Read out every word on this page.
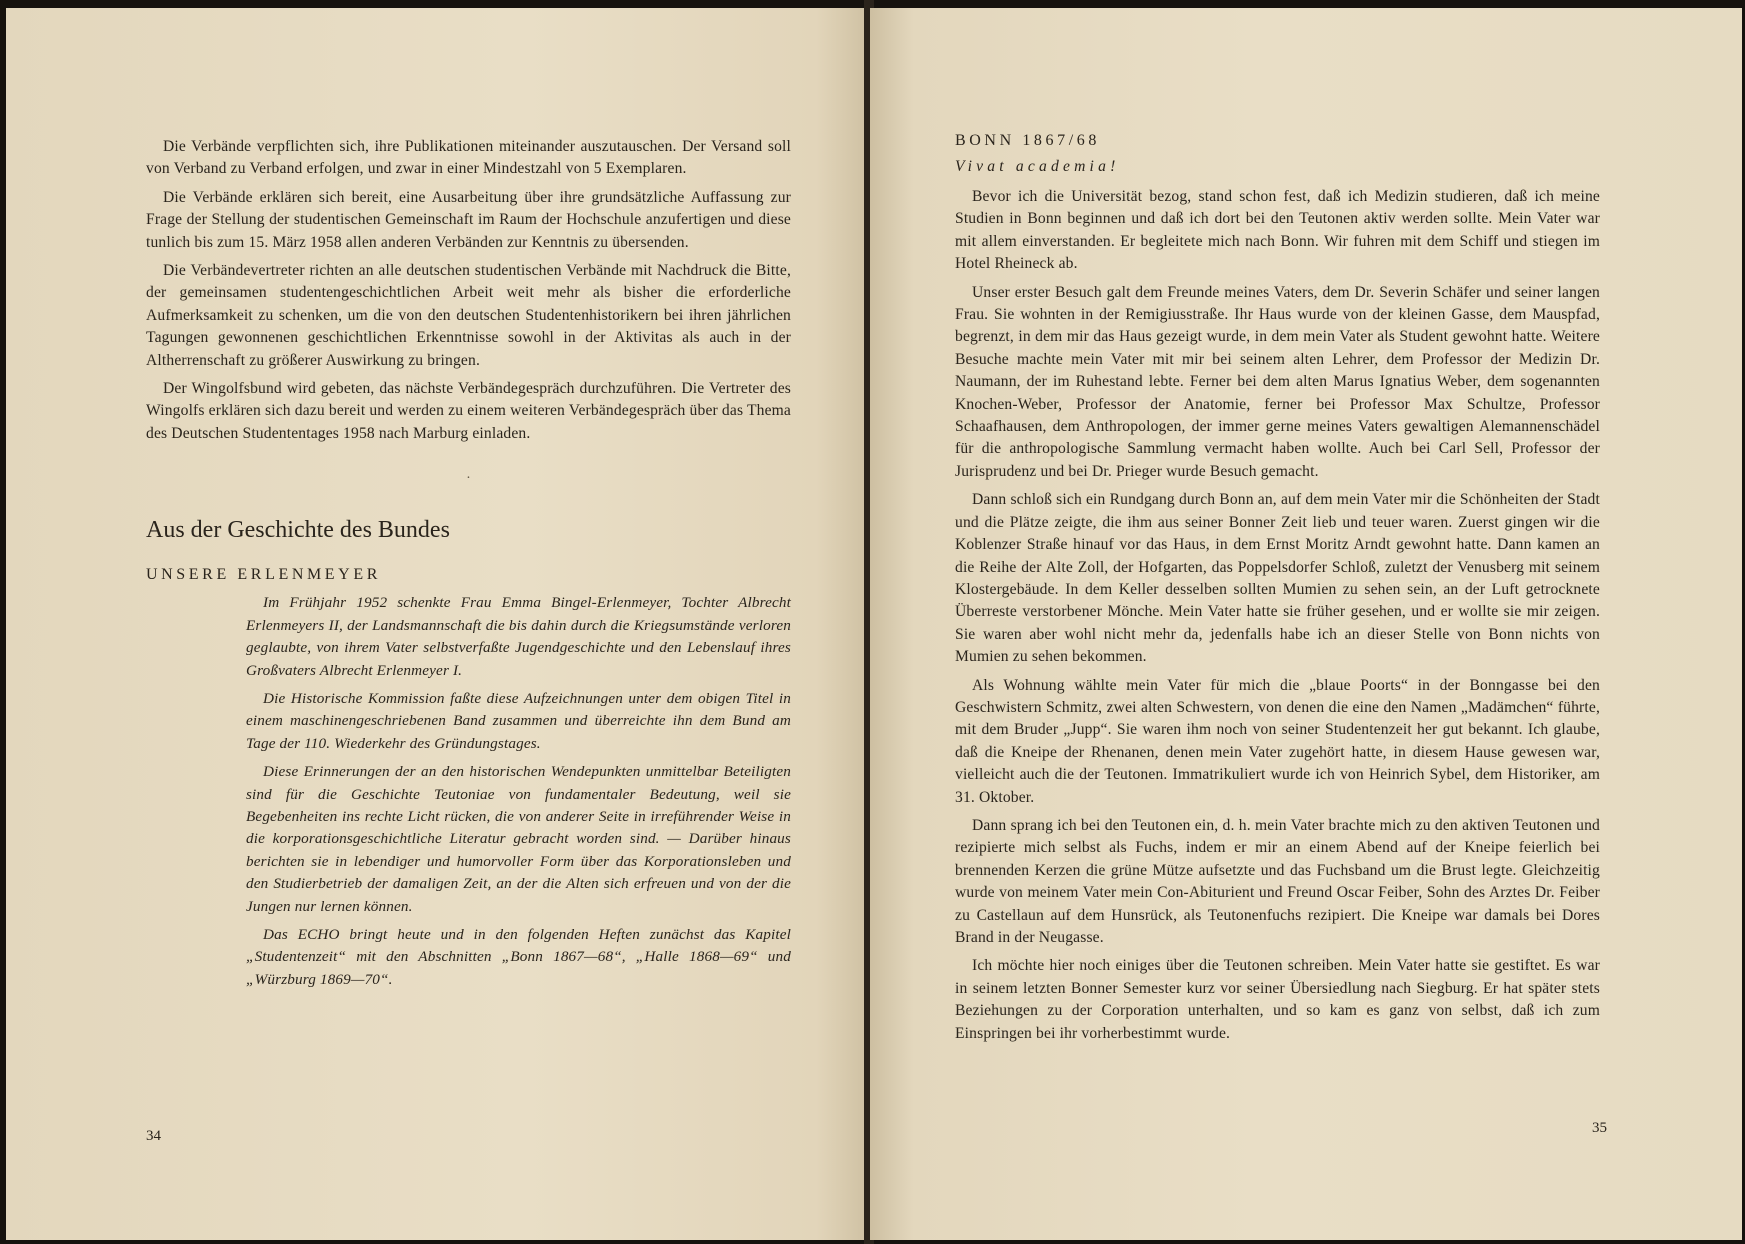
Die Verbände verpflichten sich, ihre Publikationen miteinander auszutauschen. Der Versand soll von Verband zu Verband erfolgen, und zwar in einer Mindestzahl von 5 Exemplaren.

Die Verbände erklären sich bereit, eine Ausarbeitung über ihre grundsätzliche Auffassung zur Frage der Stellung der studentischen Gemeinschaft im Raum der Hochschule anzufertigen und diese tunlich bis zum 15. März 1958 allen anderen Verbänden zur Kenntnis zu übersenden.

Die Verbändevertreter richten an alle deutschen studentischen Verbände mit Nachdruck die Bitte, der gemeinsamen studentengeschichtlichen Arbeit weit mehr als bisher die erforderliche Aufmerksamkeit zu schenken, um die von den deutschen Studentenhistorikern bei ihren jährlichen Tagungen gewonnenen geschichtlichen Erkenntnisse sowohl in der Aktivitas als auch in der Altherrenschaft zu größerer Auswirkung zu bringen.

Der Wingolfsbund wird gebeten, das nächste Verbändegespräch durchzuführen. Die Vertreter des Wingolfs erklären sich dazu bereit und werden zu einem weiteren Verbändegespräch über das Thema des Deutschen Studententages 1958 nach Marburg einladen.

·
Aus der Geschichte des Bundes
UNSERE ERLENMEYER

Im Frühjahr 1952 schenkte Frau Emma Bingel-Erlenmeyer, Tochter Albrecht Erlenmeyers II, der Landsmannschaft die bis dahin durch die Kriegsumstände verloren geglaubte, von ihrem Vater selbstverfaßte Jugendgeschichte und den Lebenslauf ihres Großvaters Albrecht Erlenmeyer I.

Die Historische Kommission faßte diese Aufzeichnungen unter dem obigen Titel in einem maschinengeschriebenen Band zusammen und überreichte ihn dem Bund am Tage der 110. Wiederkehr des Gründungstages.

Diese Erinnerungen der an den historischen Wendepunkten unmittelbar Beteiligten sind für die Geschichte Teutoniae von fundamentaler Bedeutung, weil sie Begebenheiten ins rechte Licht rücken, die von anderer Seite in irreführender Weise in die korporationsgeschichtliche Literatur gebracht worden sind. — Darüber hinaus berichten sie in lebendiger und humorvoller Form über das Korporationsleben und den Studierbetrieb der damaligen Zeit, an der die Alten sich erfreuen und von der die Jungen nur lernen können.

Das ECHO bringt heute und in den folgenden Heften zunächst das Kapitel „Studentenzeit“ mit den Abschnitten „Bonn 1867—68“, „Halle 1868—69“ und „Würzburg 1869—70“.

34
BONN 1867/68
Vivat academia!

Bevor ich die Universität bezog, stand schon fest, daß ich Medizin studieren, daß ich meine Studien in Bonn beginnen und daß ich dort bei den Teutonen aktiv werden sollte. Mein Vater war mit allem einverstanden. Er begleitete mich nach Bonn. Wir fuhren mit dem Schiff und stiegen im Hotel Rheineck ab.

Unser erster Besuch galt dem Freunde meines Vaters, dem Dr. Severin Schäfer und seiner langen Frau. Sie wohnten in der Remigiusstraße. Ihr Haus wurde von der kleinen Gasse, dem Mauspfad, begrenzt, in dem mir das Haus gezeigt wurde, in dem mein Vater als Student gewohnt hatte. Weitere Besuche machte mein Vater mit mir bei seinem alten Lehrer, dem Professor der Medizin Dr. Naumann, der im Ruhestand lebte. Ferner bei dem alten Marus Ignatius Weber, dem sogenannten Knochen-Weber, Professor der Anatomie, ferner bei Professor Max Schultze, Professor Schaafhausen, dem Anthropologen, der immer gerne meines Vaters gewaltigen Alemannenschädel für die anthropologische Sammlung vermacht haben wollte. Auch bei Carl Sell, Professor der Jurisprudenz und bei Dr. Prieger wurde Besuch gemacht.

Dann schloß sich ein Rundgang durch Bonn an, auf dem mein Vater mir die Schönheiten der Stadt und die Plätze zeigte, die ihm aus seiner Bonner Zeit lieb und teuer waren. Zuerst gingen wir die Koblenzer Straße hinauf vor das Haus, in dem Ernst Moritz Arndt gewohnt hatte. Dann kamen an die Reihe der Alte Zoll, der Hofgarten, das Poppelsdorfer Schloß, zuletzt der Venusberg mit seinem Klostergebäude. In dem Keller desselben sollten Mumien zu sehen sein, an der Luft getrocknete Überreste verstorbener Mönche. Mein Vater hatte sie früher gesehen, und er wollte sie mir zeigen. Sie waren aber wohl nicht mehr da, jedenfalls habe ich an dieser Stelle von Bonn nichts von Mumien zu sehen bekommen.

Als Wohnung wählte mein Vater für mich die „blaue Poorts“ in der Bonngasse bei den Geschwistern Schmitz, zwei alten Schwestern, von denen die eine den Namen „Madämchen“ führte, mit dem Bruder „Jupp“. Sie waren ihm noch von seiner Studentenzeit her gut bekannt. Ich glaube, daß die Kneipe der Rhenanen, denen mein Vater zugehört hatte, in diesem Hause gewesen war, vielleicht auch die der Teutonen. Immatrikuliert wurde ich von Heinrich Sybel, dem Historiker, am 31. Oktober.

Dann sprang ich bei den Teutonen ein, d. h. mein Vater brachte mich zu den aktiven Teutonen und rezipierte mich selbst als Fuchs, indem er mir an einem Abend auf der Kneipe feierlich bei brennenden Kerzen die grüne Mütze aufsetzte und das Fuchsband um die Brust legte. Gleichzeitig wurde von meinem Vater mein Con-Abiturient und Freund Oscar Feiber, Sohn des Arztes Dr. Feiber zu Castellaun auf dem Hunsrück, als Teutonenfuchs rezipiert. Die Kneipe war damals bei Dores Brand in der Neugasse.

Ich möchte hier noch einiges über die Teutonen schreiben. Mein Vater hatte sie gestiftet. Es war in seinem letzten Bonner Semester kurz vor seiner Übersiedlung nach Siegburg. Er hat später stets Beziehungen zu der Corporation unterhalten, und so kam es ganz von selbst, daß ich zum Einspringen bei ihr vorherbestimmt wurde.

35
